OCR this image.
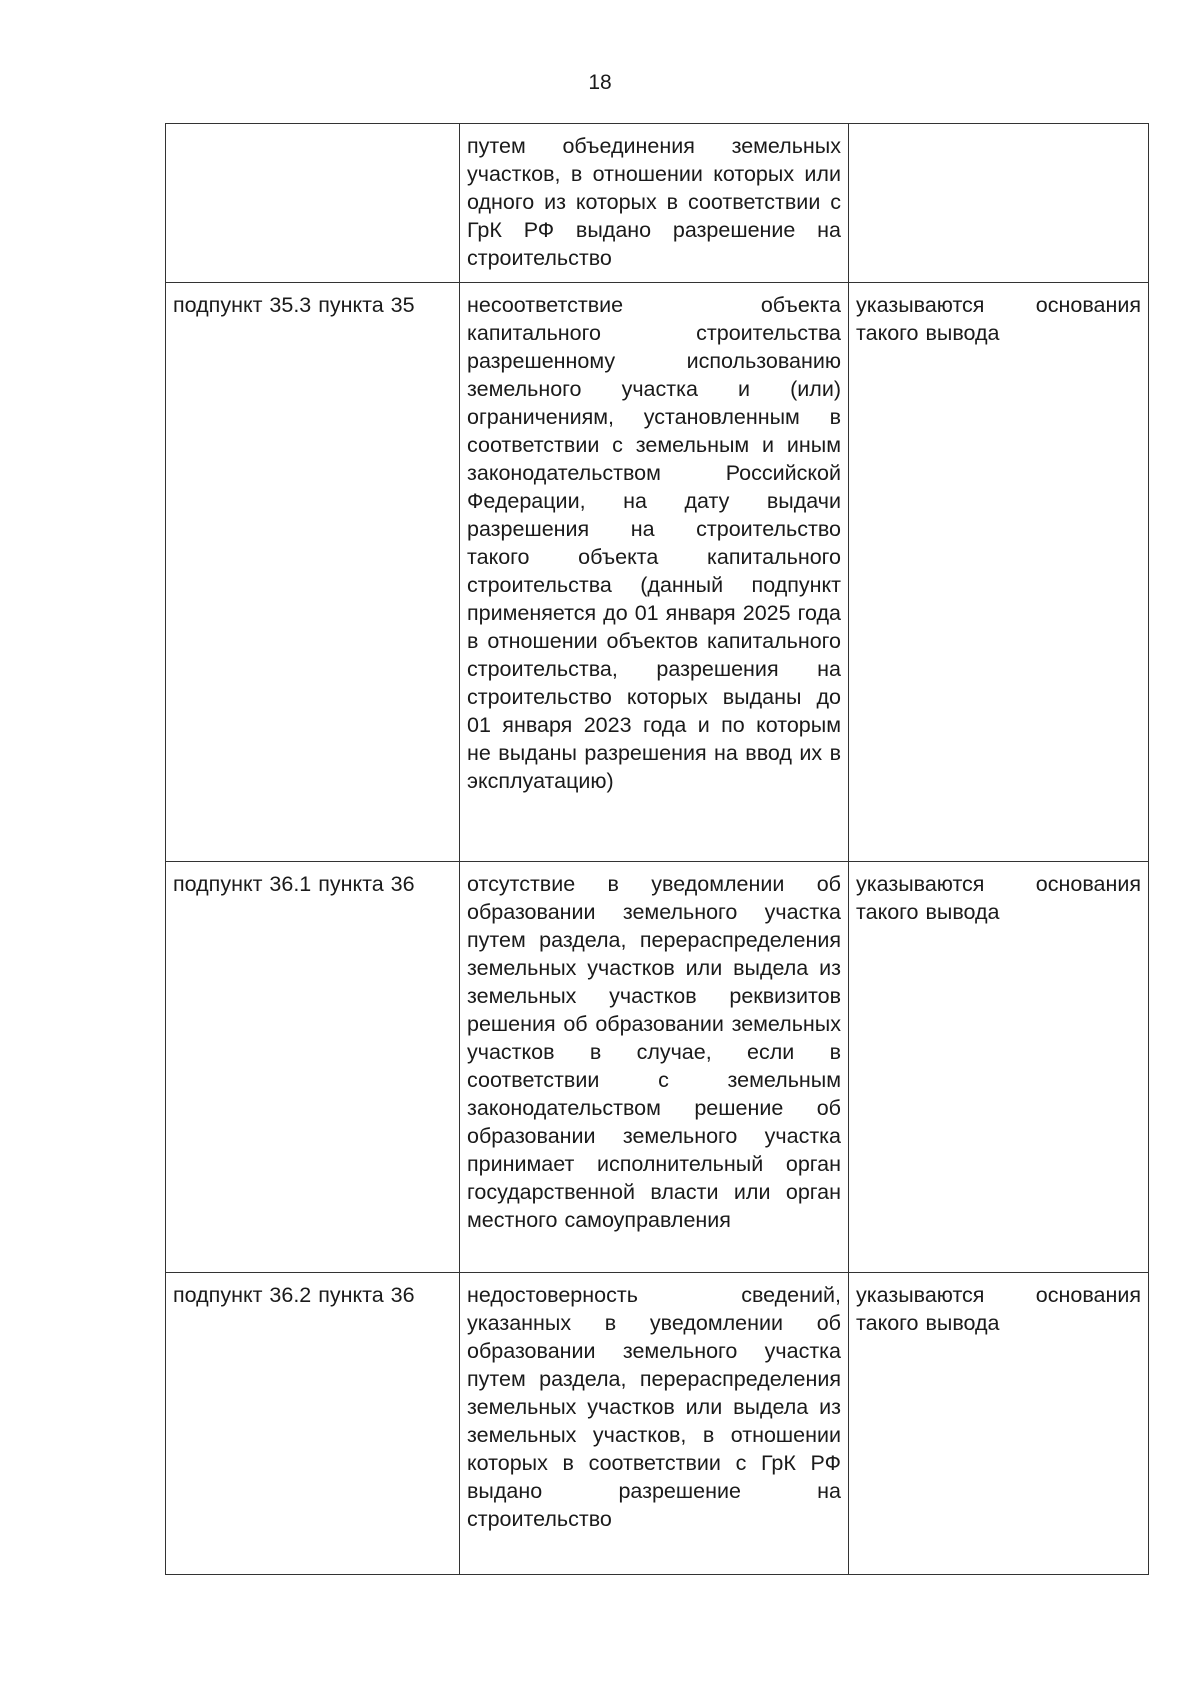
18
	путем объединения земельных участков, в отношении которых или одного из которых в соответствии с ГрК РФ выдано разрешение на строительство	
подпункт 35.3 пункта 35	несоответствие объекта капитального строительства разрешенному использованию земельного участка и (или) ограничениям, установленным в соответствии с земельным и иным законодательством Российской Федерации, на дату выдачи разрешения на строительство такого объекта капитального строительства (данный подпункт применяется до 01 января 2025 года в отношении объектов капитального строительства, разрешения на строительство которых выданы до 01 января 2023 года и по которым не выданы разрешения на ввод их в эксплуатацию)	указываются основания такого вывода
подпункт 36.1 пункта 36	отсутствие в уведомлении об образовании земельного участка путем раздела, перераспределения земельных участков или выдела из земельных участков реквизитов решения об образовании земельных участков в случае, если в соответствии с земельным законодательством решение об образовании земельного участка принимает исполнительный орган государственной власти или орган местного самоуправления	указываются основания такого вывода
подпункт 36.2 пункта 36	недостоверность сведений, указанных в уведомлении об образовании земельного участка путем раздела, перераспределения земельных участков или выдела из земельных участков, в отношении которых в соответствии с ГрК РФ выдано разрешение на строительство	указываются основания такого вывода
